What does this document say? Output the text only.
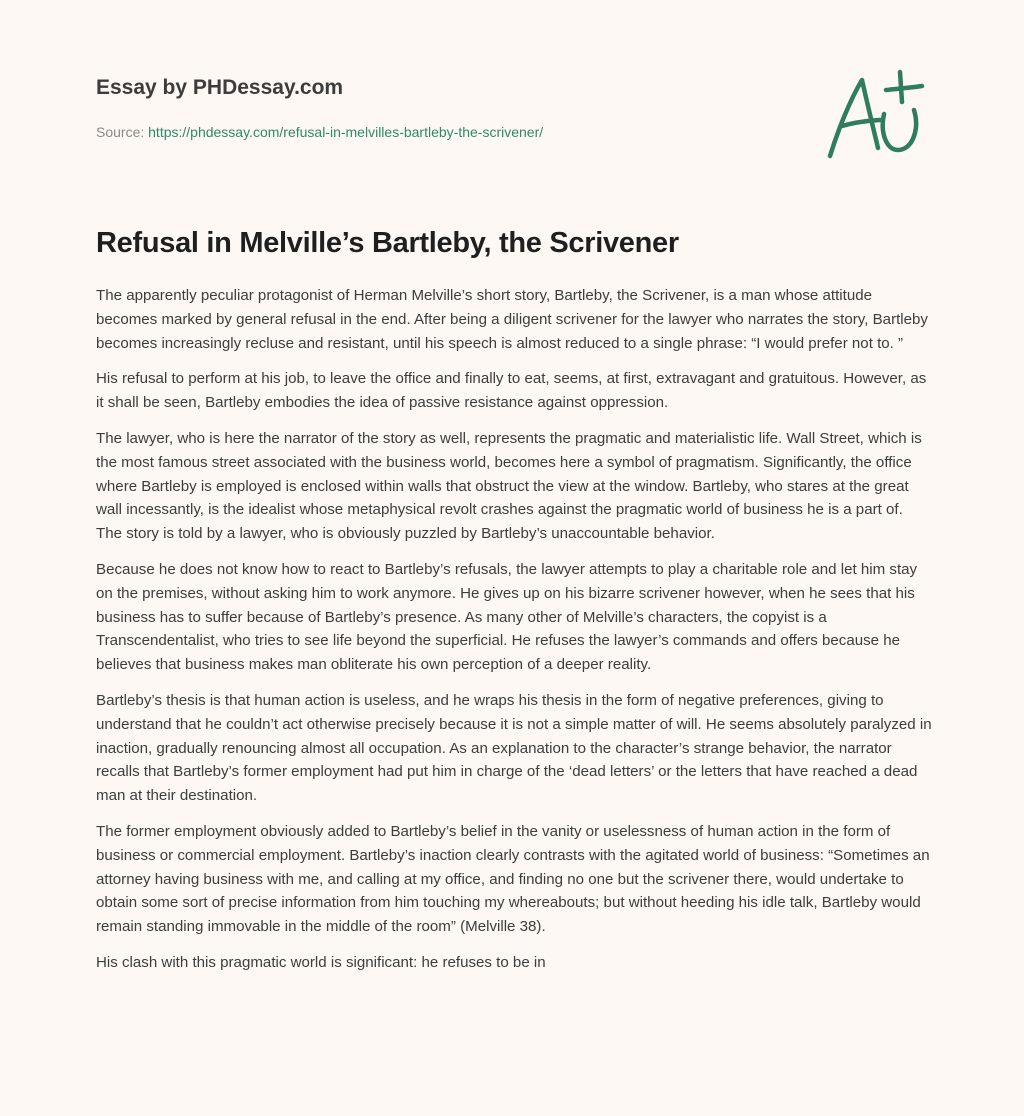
Essay by PHDessay.com
Source: https://phdessay.com/refusal-in-melvilles-bartleby-the-scrivener/
Refusal in Melville’s Bartleby, the Scrivener

The apparently peculiar protagonist of Herman Melville’s short story, Bartleby, the Scrivener, is a man whose attitude becomes marked by general refusal in the end. After being a diligent scrivener for the lawyer who narrates the story, Bartleby becomes increasingly recluse and resistant, until his speech is almost reduced to a single phrase: “I would prefer not to. ”

His refusal to perform at his job, to leave the office and finally to eat, seems, at first, extravagant and gratuitous. However, as it shall be seen, Bartleby embodies the idea of passive resistance against oppression.

The lawyer, who is here the narrator of the story as well, represents the pragmatic and materialistic life. Wall Street, which is the most famous street associated with the business world, becomes here a symbol of pragmatism. Significantly, the office where Bartleby is employed is enclosed within walls that obstruct the view at the window. Bartleby, who stares at the great wall incessantly, is the idealist whose metaphysical revolt crashes against the pragmatic world of business he is a part of. The story is told by a lawyer, who is obviously puzzled by Bartleby’s unaccountable behavior.

Because he does not know how to react to Bartleby’s refusals, the lawyer attempts to play a charitable role and let him stay on the premises, without asking him to work anymore. He gives up on his bizarre scrivener however, when he sees that his business has to suffer because of Bartleby’s presence. As many other of Melville’s characters, the copyist is a Transcendentalist, who tries to see life beyond the superficial. He refuses the lawyer’s commands and offers because he believes that business makes man obliterate his own perception of a deeper reality.

Bartleby’s thesis is that human action is useless, and he wraps his thesis in the form of negative preferences, giving to understand that he couldn’t act otherwise precisely because it is not a simple matter of will. He seems absolutely paralyzed in inaction, gradually renouncing almost all occupation. As an explanation to the character’s strange behavior, the narrator recalls that Bartleby’s former employment had put him in charge of the ‘dead letters’ or the letters that have reached a dead man at their destination.

The former employment obviously added to Bartleby’s belief in the vanity or uselessness of human action in the form of business or commercial employment. Bartleby’s inaction clearly contrasts with the agitated world of business: “Sometimes an attorney having business with me, and calling at my office, and finding no one but the scrivener there, would undertake to obtain some sort of precise information from him touching my whereabouts; but without heeding his idle talk, Bartleby would remain standing immovable in the middle of the room” (Melville 38).

His clash with this pragmatic world is significant: he refuses to be in
